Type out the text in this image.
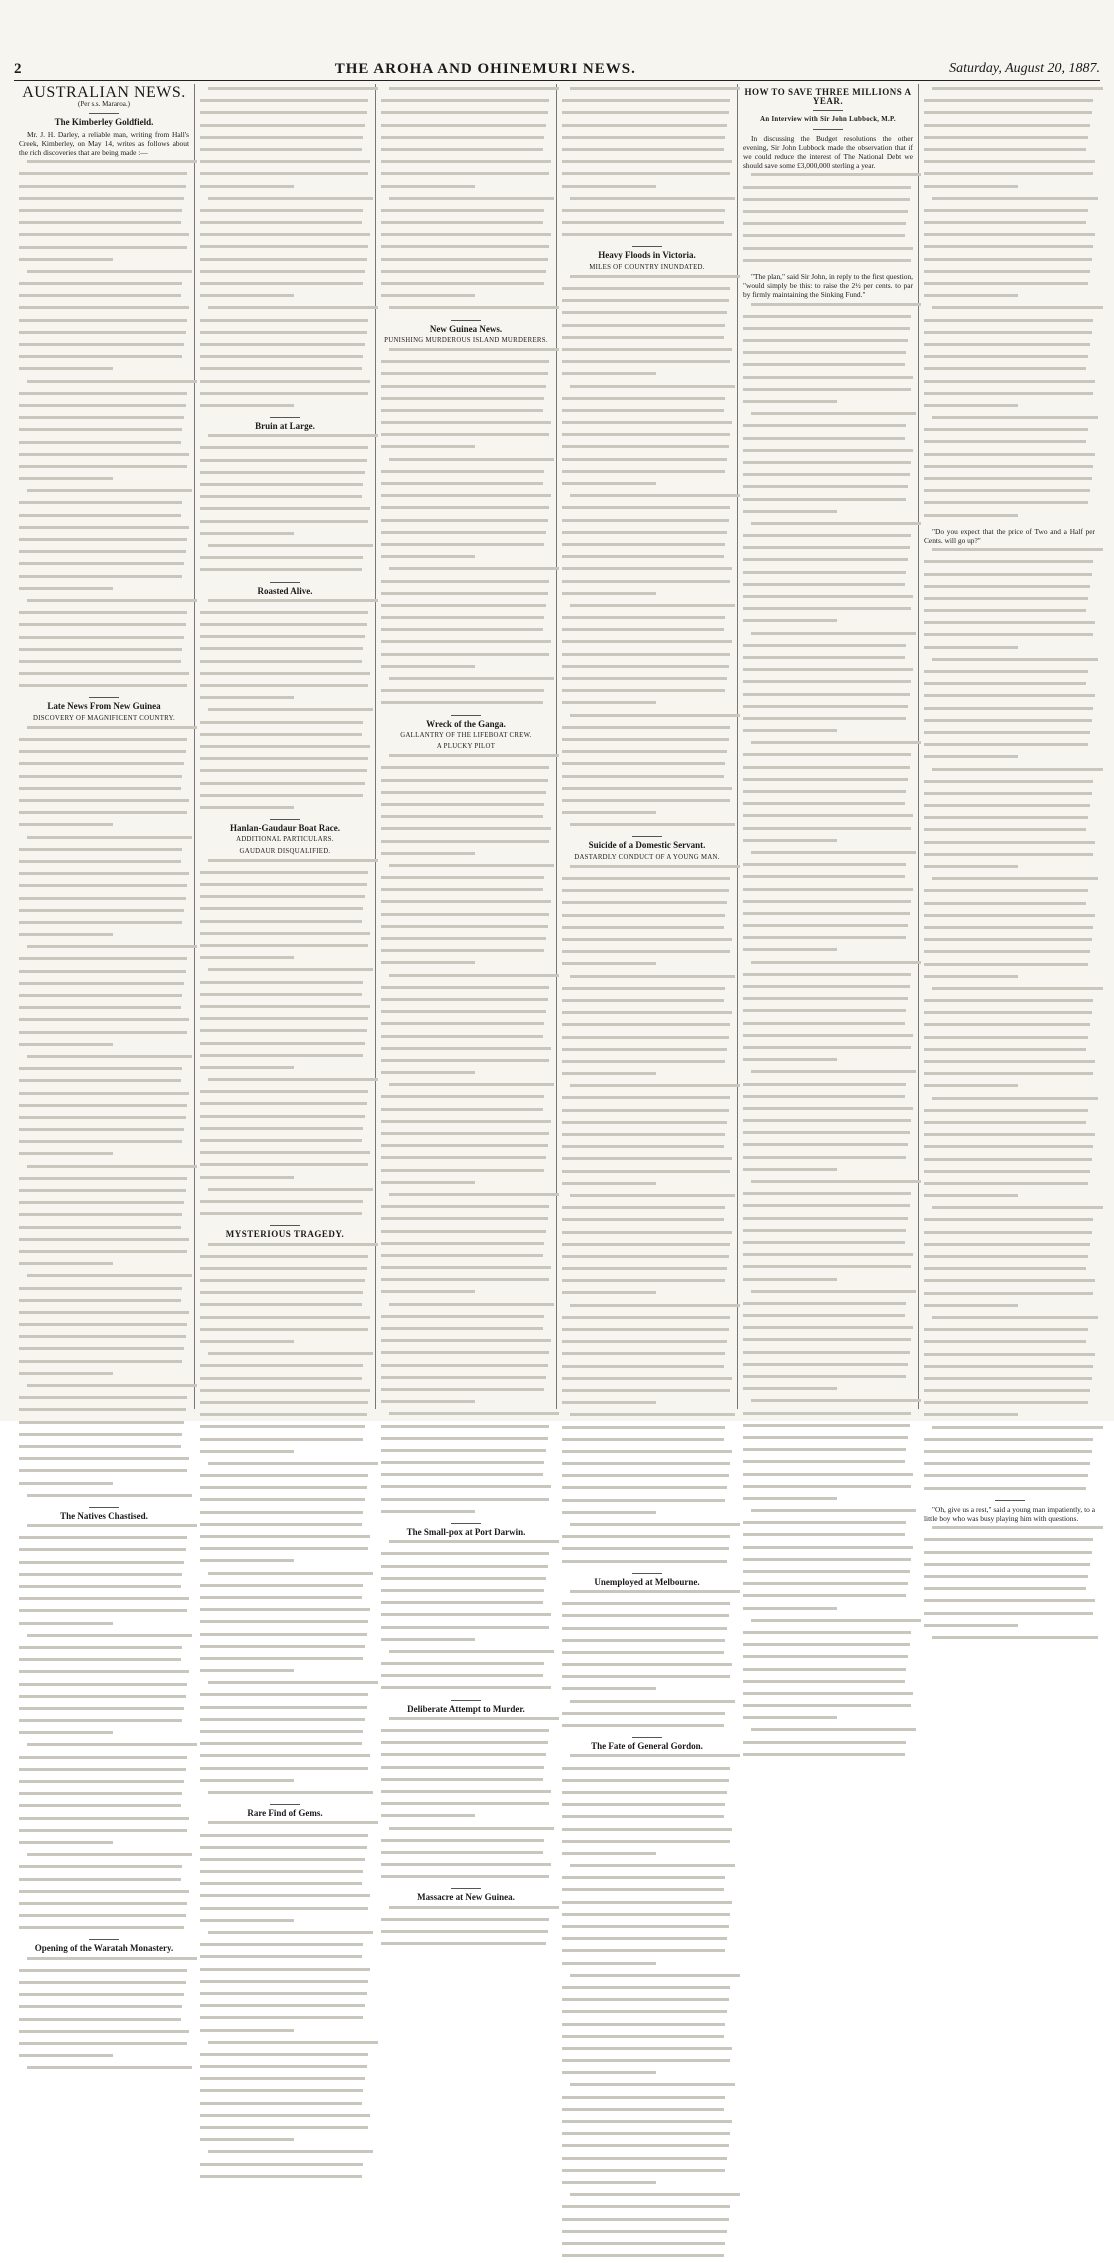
2	THE AROHA AND OHINEMURI NEWS.	Saturday, August 20, 1887.
AUSTRALIAN NEWS.
(Per s.s. Mararoa.)
The Kimberley Goldfield.

Mr. J. H. Darley, a reliable man, writing from Hall's Creek, Kimberley, on May 14, writes as follows about the rich discoveries that are being made :—

Late News From New Guinea
DISCOVERY OF MAGNIFICENT COUNTRY.
The Natives Chastised.
Opening of the Waratah Monastery.
Bruin at Large.
Roasted Alive.
Hanlan-Gaudaur Boat Race.
ADDITIONAL PARTICULARS.
GAUDAUR DISQUALIFIED.
MYSTERIOUS TRAGEDY.
Rare Find of Gems.
New Guinea News.
PUNISHING MURDEROUS ISLAND MURDERERS.
Wreck of the Ganga.
GALLANTRY OF THE LIFEBOAT CREW.
A PLUCKY PILOT
The Small-pox at Port Darwin.
Deliberate Attempt to Murder.
Massacre at New Guinea.
Heavy Floods in Victoria.
MILES OF COUNTRY INUNDATED.
Suicide of a Domestic Servant.
DASTARDLY CONDUCT OF A YOUNG MAN.
Unemployed at Melbourne.
The Fate of General Gordon.
HOW TO SAVE THREE MILLIONS A YEAR.
An Interview with Sir John Lubbock, M.P.

In discussing the Budget resolutions the other evening, Sir John Lubbock made the observation that if we could reduce the interest of The National Debt we should save some £3,000,000 sterling a year.

"The plan," said Sir John, in reply to the first question, "would simply be this: to raise the 2½ per cents. to par by firmly maintaining the Sinking Fund."

"Do you expect that the price of Two and a Half per Cents. will go up?"

"Oh, give us a rest," said a young man impatiently, to a little boy who was busy playing him with questions.
